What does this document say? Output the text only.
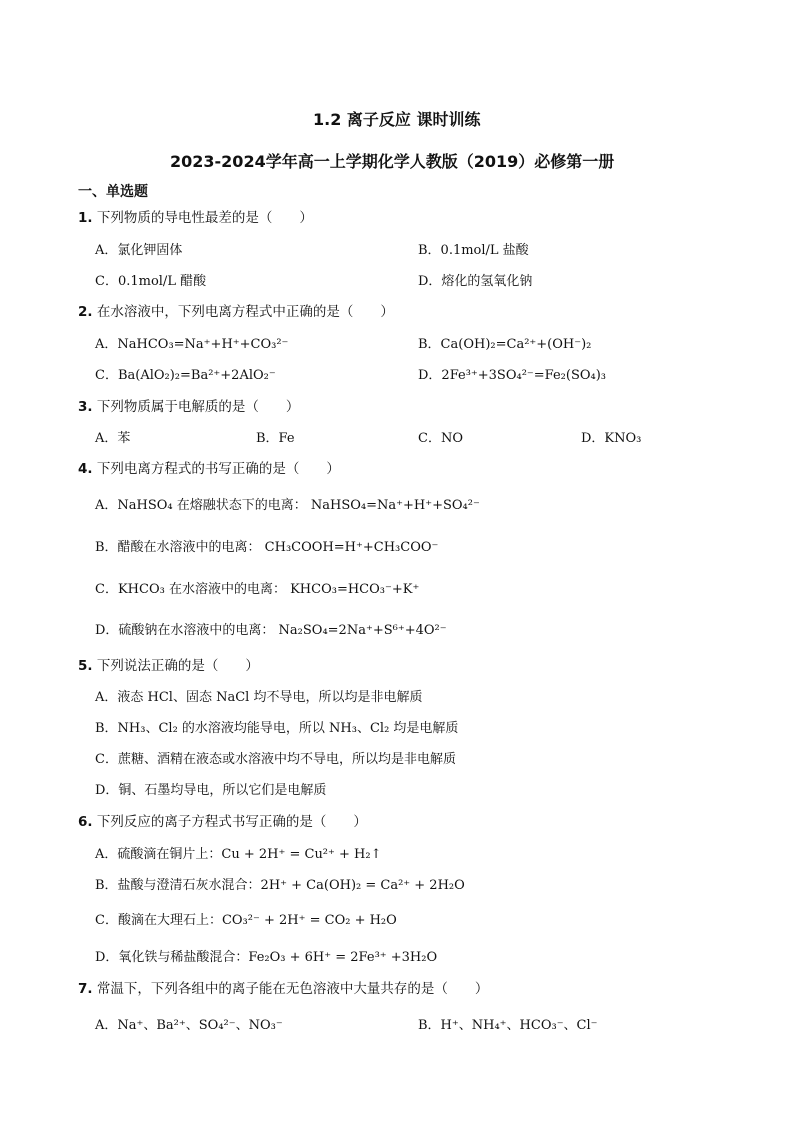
1.2 离子反应 课时训练
2023-2024学年高一上学期化学人教版（2019）必修第一册
一、单选题
1. 下列物质的导电性最差的是（　　）
A．氯化钾固体	B．0.1mol/L 盐酸
C．0.1mol/L 醋酸	D．熔化的氢氧化钠
2. 在水溶液中，下列电离方程式中正确的是（　　）
A．NaHCO₃=Na⁺+H⁺+CO₃²⁻	B．Ca(OH)₂=Ca²⁺+(OH⁻)₂
C．Ba(AlO₂)₂=Ba²⁺+2AlO₂⁻	D．2Fe³⁺+3SO₄²⁻=Fe₂(SO₄)₃
3. 下列物质属于电解质的是（　　）
A．苯	B．Fe	C．NO	D．KNO₃
4. 下列电离方程式的书写正确的是（　　）
A．NaHSO₄ 在熔融状态下的电离： NaHSO₄=Na⁺+H⁺+SO₄²⁻
B．醋酸在水溶液中的电离： CH₃COOH=H⁺+CH₃COO⁻
C．KHCO₃ 在水溶液中的电离： KHCO₃=HCO₃⁻+K⁺
D．硫酸钠在水溶液中的电离： Na₂SO₄=2Na⁺+S⁶⁺+4O²⁻
5. 下列说法正确的是（　　）
A．液态 HCl、固态 NaCl 均不导电，所以均是非电解质
B．NH₃、Cl₂ 的水溶液均能导电，所以 NH₃、Cl₂ 均是电解质
C．蔗糖、酒精在液态或水溶液中均不导电，所以均是非电解质
D．铜、石墨均导电，所以它们是电解质
6. 下列反应的离子方程式书写正确的是（　　）
A．硫酸滴在铜片上：Cu + 2H⁺ = Cu²⁺ + H₂↑
B．盐酸与澄清石灰水混合：2H⁺ + Ca(OH)₂ = Ca²⁺ + 2H₂O
C．酸滴在大理石上：CO₃²⁻ + 2H⁺ = CO₂ + H₂O
D．氧化铁与稀盐酸混合：Fe₂O₃ + 6H⁺ = 2Fe³⁺ +3H₂O
7. 常温下，下列各组中的离子能在无色溶液中大量共存的是（　　）
A．Na⁺、Ba²⁺、SO₄²⁻、NO₃⁻	B．H⁺、NH₄⁺、HCO₃⁻、Cl⁻
